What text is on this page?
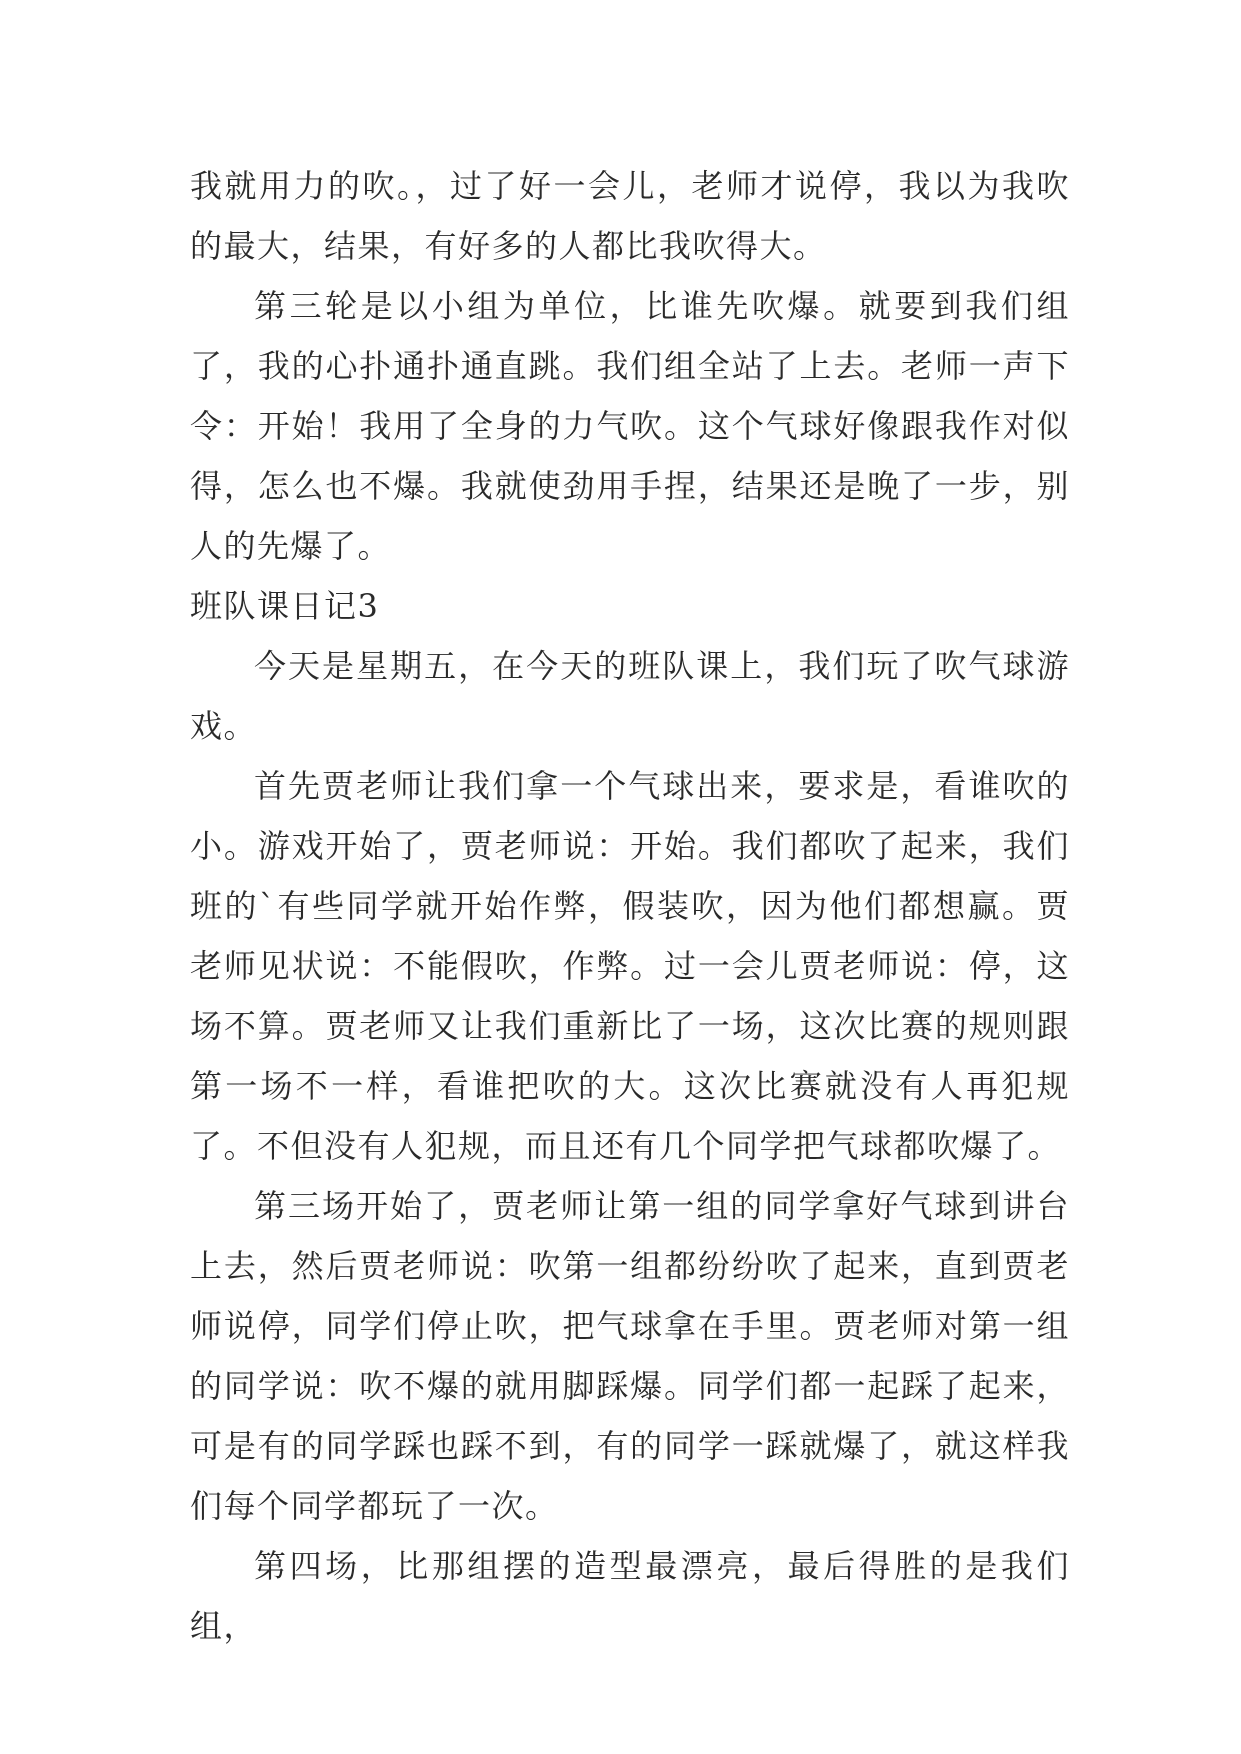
我就用力的吹。，过了好一会儿，老师才说停，我以为我吹的最大，结果，有好多的人都比我吹得大。

第三轮是以小组为单位，比谁先吹爆。就要到我们组了，我的心扑通扑通直跳。我们组全站了上去。老师一声下令：开始！我用了全身的力气吹。这个气球好像跟我作对似得，怎么也不爆。我就使劲用手捏，结果还是晚了一步，别人的先爆了。

班队课日记3

今天是星期五，在今天的班队课上，我们玩了吹气球游戏。

首先贾老师让我们拿一个气球出来，要求是，看谁吹的小。游戏开始了，贾老师说：开始。我们都吹了起来，我们班的`有些同学就开始作弊，假装吹，因为他们都想赢。贾老师见状说：不能假吹，作弊。过一会儿贾老师说：停，这场不算。贾老师又让我们重新比了一场，这次比赛的规则跟第一场不一样，看谁把吹的大。这次比赛就没有人再犯规了。不但没有人犯规，而且还有几个同学把气球都吹爆了。

第三场开始了，贾老师让第一组的同学拿好气球到讲台上去，然后贾老师说：吹第一组都纷纷吹了起来，直到贾老师说停，同学们停止吹，把气球拿在手里。贾老师对第一组的同学说：吹不爆的就用脚踩爆。同学们都一起踩了起来，可是有的同学踩也踩不到，有的同学一踩就爆了，就这样我们每个同学都玩了一次。

第四场，比那组摆的造型最漂亮，最后得胜的是我们组，
